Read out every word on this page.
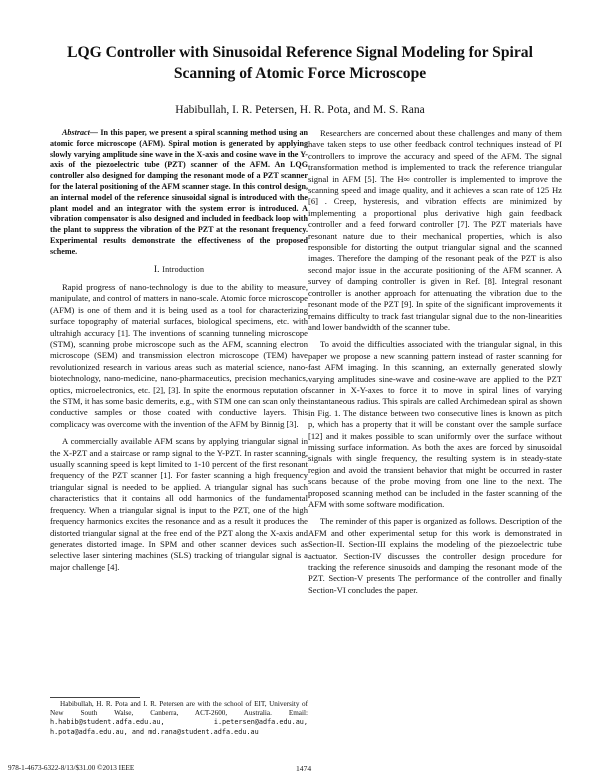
LQG Controller with Sinusoidal Reference Signal Modeling for Spiral Scanning of Atomic Force Microscope
Habibullah, I. R. Petersen, H. R. Pota, and M. S. Rana

Abstract— In this paper, we present a spiral scanning method using an atomic force microscope (AFM). Spiral motion is generated by applying slowly varying amplitude sine wave in the X-axis and cosine wave in the Y-axis of the piezoelectric tube (PZT) scanner of the AFM. An LQG controller also designed for damping the resonant mode of a PZT scanner for the lateral positioning of the AFM scanner stage. In this control design, an internal model of the reference sinusoidal signal is introduced with the plant model and an integrator with the system error is introduced. A vibration compensator is also designed and included in feedback loop with the plant to suppress the vibration of the PZT at the resonant frequency. Experimental results demonstrate the effectiveness of the proposed scheme.

I. Introduction

Rapid progress of nano-technology is due to the ability to measure, manipulate, and control of matters in nano-scale. Atomic force microscope (AFM) is one of them and it is being used as a tool for characterizing surface topography of material surfaces, biological specimens, etc. with ultrahigh accuracy [1]. The inventions of scanning tunneling microscope (STM), scanning probe microscope such as the AFM, scanning electron microscope (SEM) and transmission electron microscope (TEM) have revolutionized research in various areas such as material science, nano-biotechnology, nano-medicine, nano-pharmaceutics, precision mechanics, optics, microelectronics, etc. [2], [3]. In spite the enormous reputation of the STM, it has some basic demerits, e.g., with STM one can scan only the conductive samples or those coated with conductive layers. This complicacy was overcome with the invention of the AFM by Binnig [3].

A commercially available AFM scans by applying triangular signal in the X-PZT and a staircase or ramp signal to the Y-PZT. In raster scanning, usually scanning speed is kept limited to 1-10 percent of the first resonant frequency of the PZT scanner [1]. For faster scanning a high frequency triangular signal is needed to be applied. A triangular signal has such characteristics that it contains all odd harmonics of the fundamental frequency. When a triangular signal is input to the PZT, one of the high frequency harmonics excites the resonance and as a result it produces the distorted triangular signal at the free end of the PZT along the X-axis and generates distorted image. In SPM and other scanner devices such as selective laser sintering machines (SLS) tracking of triangular signal is a major challenge [4].

Habibullah, H. R. Pota and I. R. Petersen are with the school of EIT, University of New South Walse, Canberra, ACT-2600, Australia. Email: h.habib@student.adfa.edu.au, i.petersen@adfa.edu.au, h.pota@adfa.edu.au, and md.rana@student.adfa.edu.au

Researchers are concerned about these challenges and many of them have taken steps to use other feedback control techniques instead of PI controllers to improve the accuracy and speed of the AFM. The signal transformation method is implemented to track the reference triangular signal in AFM [5]. The H∞ controller is implemented to improve the scanning speed and image quality, and it achieves a scan rate of 125 Hz [6] . Creep, hysteresis, and vibration effects are minimized by implementing a proportional plus derivative high gain feedback controller and a feed forward controller [7]. The PZT materials have resonant nature due to their mechanical properties, which is also responsible for distorting the output triangular signal and the scanned images. Therefore the damping of the resonant peak of the PZT is also second major issue in the accurate positioning of the AFM scanner. A survey of damping controller is given in Ref. [8]. Integral resonant controller is another approach for attenuating the vibration due to the resonant mode of the PZT [9]. In spite of the significant improvements it remains difficulty to track fast triangular signal due to the non-linearities and lower bandwidth of the scanner tube.

To avoid the difficulties associated with the triangular signal, in this paper we propose a new scanning pattern instead of raster scanning for fast AFM imaging. In this scanning, an externally generated slowly varying amplitudes sine-wave and cosine-wave are applied to the PZT scanner in X-Y-axes to force it to move in spiral lines of varying instantaneous radius. This spirals are called Archimedean spiral as shown in Fig. 1. The distance between two consecutive lines is known as pitch p, which has a property that it will be constant over the sample surface [12] and it makes possible to scan uniformly over the surface without missing surface information. As both the axes are forced by sinusoidal signals with single frequency, the resulting system is in steady-state region and avoid the transient behavior that might be occurred in raster scans because of the probe moving from one line to the next. The proposed scanning method can be included in the faster scanning of the AFM with some software modification.

The reminder of this paper is organized as follows. Description of the AFM and other experimental setup for this work is demonstrated in Section-II. Section-III explains the modeling of the piezoelectric tube actuator. Section-IV discusses the controller design procedure for tracking the reference sinusoids and damping the resonant mode of the PZT. Section-V presents The performance of the controller and finally Section-VI concludes the paper.

978-1-4673-6322-8/13/$31.00 ©2013 IEEE	1474
